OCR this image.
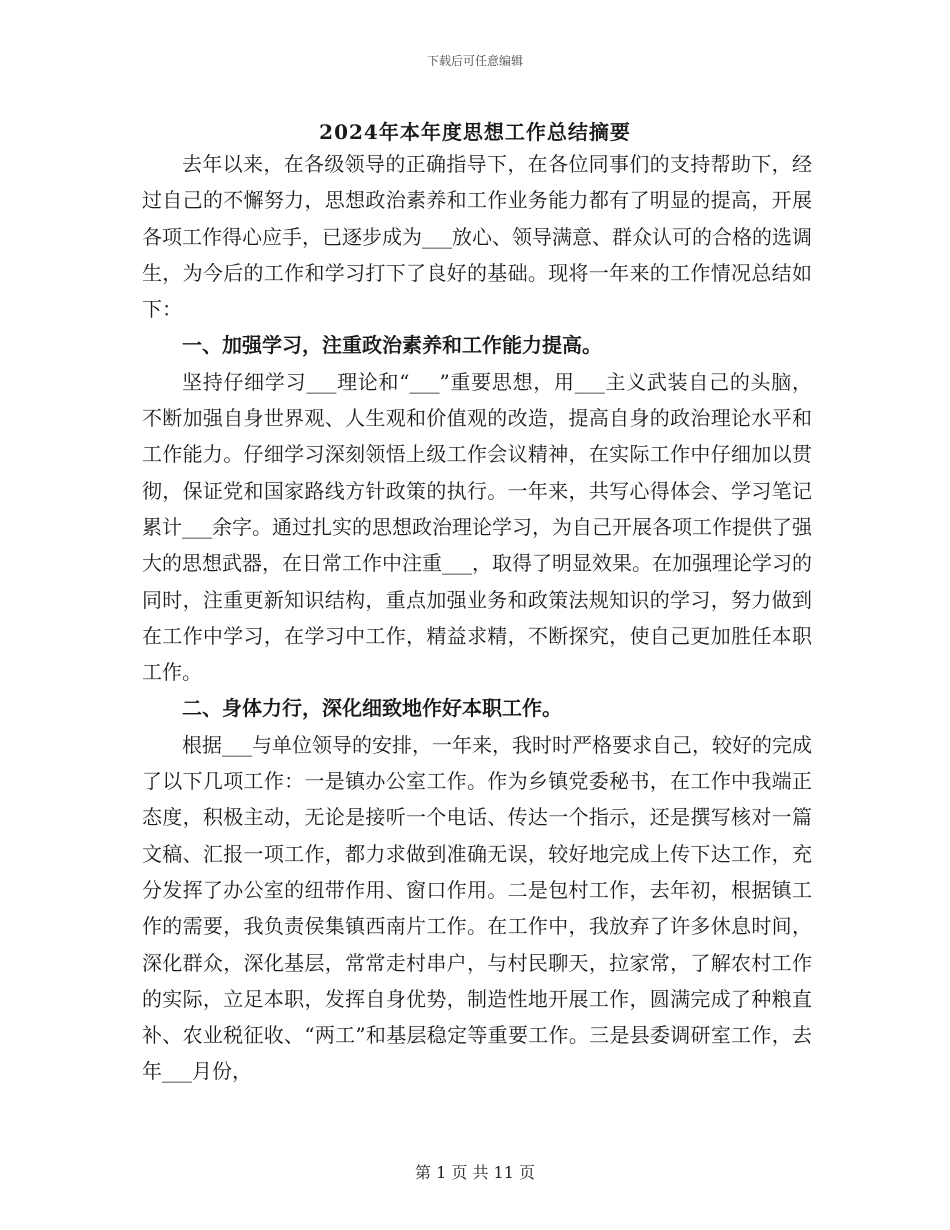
下载后可任意编辑
2024年本年度思想工作总结摘要

去年以来，在各级领导的正确指导下，在各位同事们的支持帮助下，经过自己的不懈努力，思想政治素养和工作业务能力都有了明显的提高，开展各项工作得心应手，已逐步成为___放心、领导满意、群众认可的合格的选调生，为今后的工作和学习打下了良好的基础。现将一年来的工作情况总结如下：

一、加强学习，注重政治素养和工作能力提高。

坚持仔细学习___理论和“___”重要思想，用___主义武装自己的头脑，不断加强自身世界观、人生观和价值观的改造，提高自身的政治理论水平和工作能力。仔细学习深刻领悟上级工作会议精神，在实际工作中仔细加以贯彻，保证党和国家路线方针政策的执行。一年来，共写心得体会、学习笔记累计___余字。通过扎实的思想政治理论学习，为自己开展各项工作提供了强大的思想武器，在日常工作中注重___，取得了明显效果。在加强理论学习的同时，注重更新知识结构，重点加强业务和政策法规知识的学习，努力做到在工作中学习，在学习中工作，精益求精，不断探究，使自己更加胜任本职工作。

二、身体力行，深化细致地作好本职工作。

根据___与单位领导的安排，一年来，我时时严格要求自己，较好的完成了以下几项工作：一是镇办公室工作。作为乡镇党委秘书，在工作中我端正态度，积极主动，无论是接听一个电话、传达一个指示，还是撰写核对一篇文稿、汇报一项工作，都力求做到准确无误，较好地完成上传下达工作，充分发挥了办公室的纽带作用、窗口作用。二是包村工作，去年初，根据镇工作的需要，我负责侯集镇西南片工作。在工作中，我放弃了许多休息时间，深化群众，深化基层，常常走村串户，与村民聊天，拉家常，了解农村工作的实际，立足本职，发挥自身优势，制造性地开展工作，圆满完成了种粮直补、农业税征收、“两工”和基层稳定等重要工作。三是县委调研室工作，去年___月份，

第 1 页 共 11 页
